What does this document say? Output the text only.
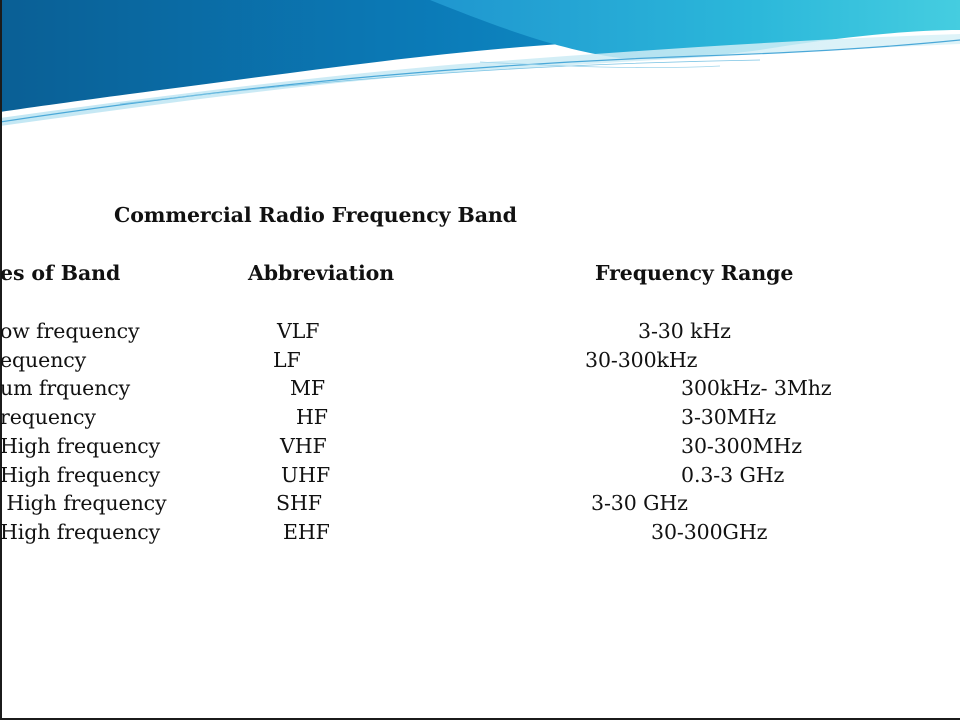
Commercial Radio Frequency Band
es of Band	Abbreviation	Frequency Range
ow frequency	VLF	3-30 kHz
equency	LF	30-300kHz
um frquency	MF	300kHz- 3Mhz
requency	HF	3-30MHz
High frequency	VHF	30-300MHz
High frequency	UHF	0.3-3 GHz
High frequency	SHF	3-30 GHz
High frequency	EHF	30-300GHz
